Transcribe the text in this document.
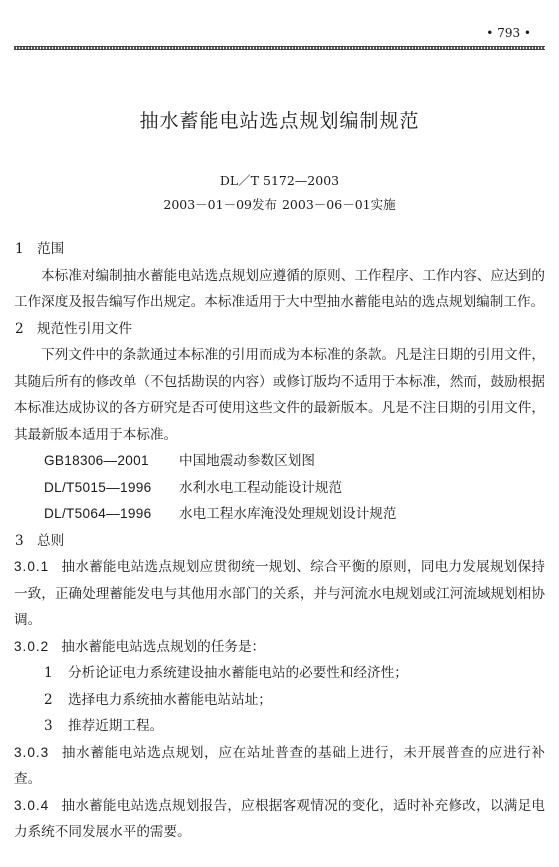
• 793 •
抽水蓄能电站选点规划编制规范
DL／T 5172—2003
2003－01－09发布 2003－06－01实施

1 范围

本标准对编制抽水蓄能电站选点规划应遵循的原则、工作程序、工作内容、应达到的工作深度及报告编写作出规定。本标准适用于大中型抽水蓄能电站的选点规划编制工作。

2 规范性引用文件

下列文件中的条款通过本标准的引用而成为本标准的条款。凡是注日期的引用文件，其随后所有的修改单（不包括勘误的内容）或修订版均不适用于本标准，然而，鼓励根据本标准达成协议的各方研究是否可使用这些文件的最新版本。凡是不注日期的引用文件，其最新版本适用于本标准。

GB18306—2001 中国地震动参数区划图

DL/T5015—1996 水利水电工程动能设计规范

DL/T5064—1996 水电工程水库淹没处理规划设计规范

3 总则

3.0.1 抽水蓄能电站选点规划应贯彻统一规划、综合平衡的原则，同电力发展规划保持一致，正确处理蓄能发电与其他用水部门的关系，并与河流水电规划或江河流域规划相协调。

3.0.2 抽水蓄能电站选点规划的任务是：

1 分析论证电力系统建设抽水蓄能电站的必要性和经济性；

2 选择电力系统抽水蓄能电站站址；

3 推荐近期工程。

3.0.3 抽水蓄能电站选点规划，应在站址普查的基础上进行，未开展普查的应进行补查。

3.0.4 抽水蓄能电站选点规划报告，应根据客观情况的变化，适时补充修改，以满足电力系统不同发展水平的需要。
